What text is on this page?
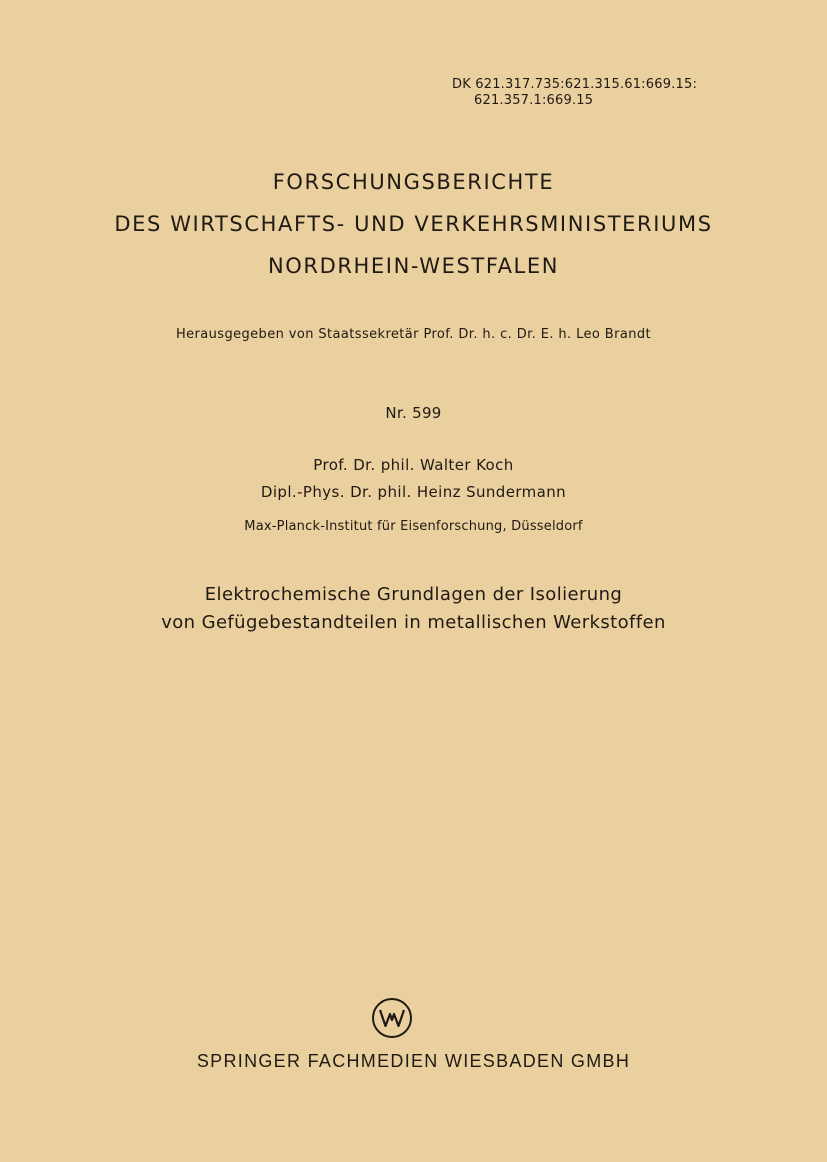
DK 621.317.735:621.315.61:669.15:
621.357.1:669.15
FORSCHUNGSBERICHTE
DES WIRTSCHAFTS- UND VERKEHRSMINISTERIUMS
NORDRHEIN-WESTFALEN
Herausgegeben von Staatssekretär Prof. Dr. h. c. Dr. E. h. Leo Brandt
Nr. 599
Prof. Dr. phil. Walter Koch
Dipl.-Phys. Dr. phil. Heinz Sundermann
Max-Planck-Institut für Eisenforschung, Düsseldorf
Elektrochemische Grundlagen der Isolierung
von Gefügebestandteilen in metallischen Werkstoffen
SPRINGER FACHMEDIEN WIESBADEN GMBH
